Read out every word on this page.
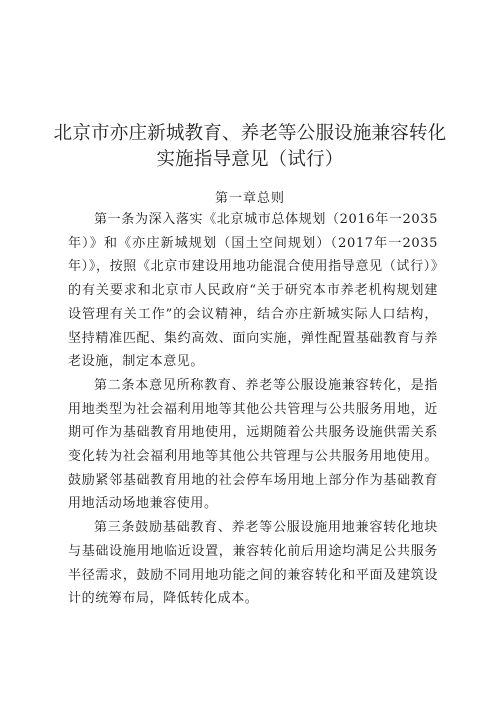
北京市亦庄新城教育、养老等公服设施兼容转化
实施指导意见（试行）
第一章总则

第一条为深入落实《北京城市总体规划（2016年一2035年）》和《亦庄新城规划（国土空间规划）（2017年一2035年）》，按照《北京市建设用地功能混合使用指导意见（试行）》的有关要求和北京市人民政府“关于研究本市养老机构规划建设管理有关工作”的会议精神，结合亦庄新城实际人口结构，坚持精准匹配、集约高效、面向实施，弹性配置基础教育与养老设施，制定本意见。

第二条本意见所称教育、养老等公服设施兼容转化，是指用地类型为社会福利用地等其他公共管理与公共服务用地，近期可作为基础教育用地使用，远期随着公共服务设施供需关系变化转为社会福利用地等其他公共管理与公共服务用地使用。鼓励紧邻基础教育用地的社会停车场用地上部分作为基础教育用地活动场地兼容使用。

第三条鼓励基础教育、养老等公服设施用地兼容转化地块与基础设施用地临近设置，兼容转化前后用途均满足公共服务半径需求，鼓励不同用地功能之间的兼容转化和平面及建筑设计的统筹布局，降低转化成本。
